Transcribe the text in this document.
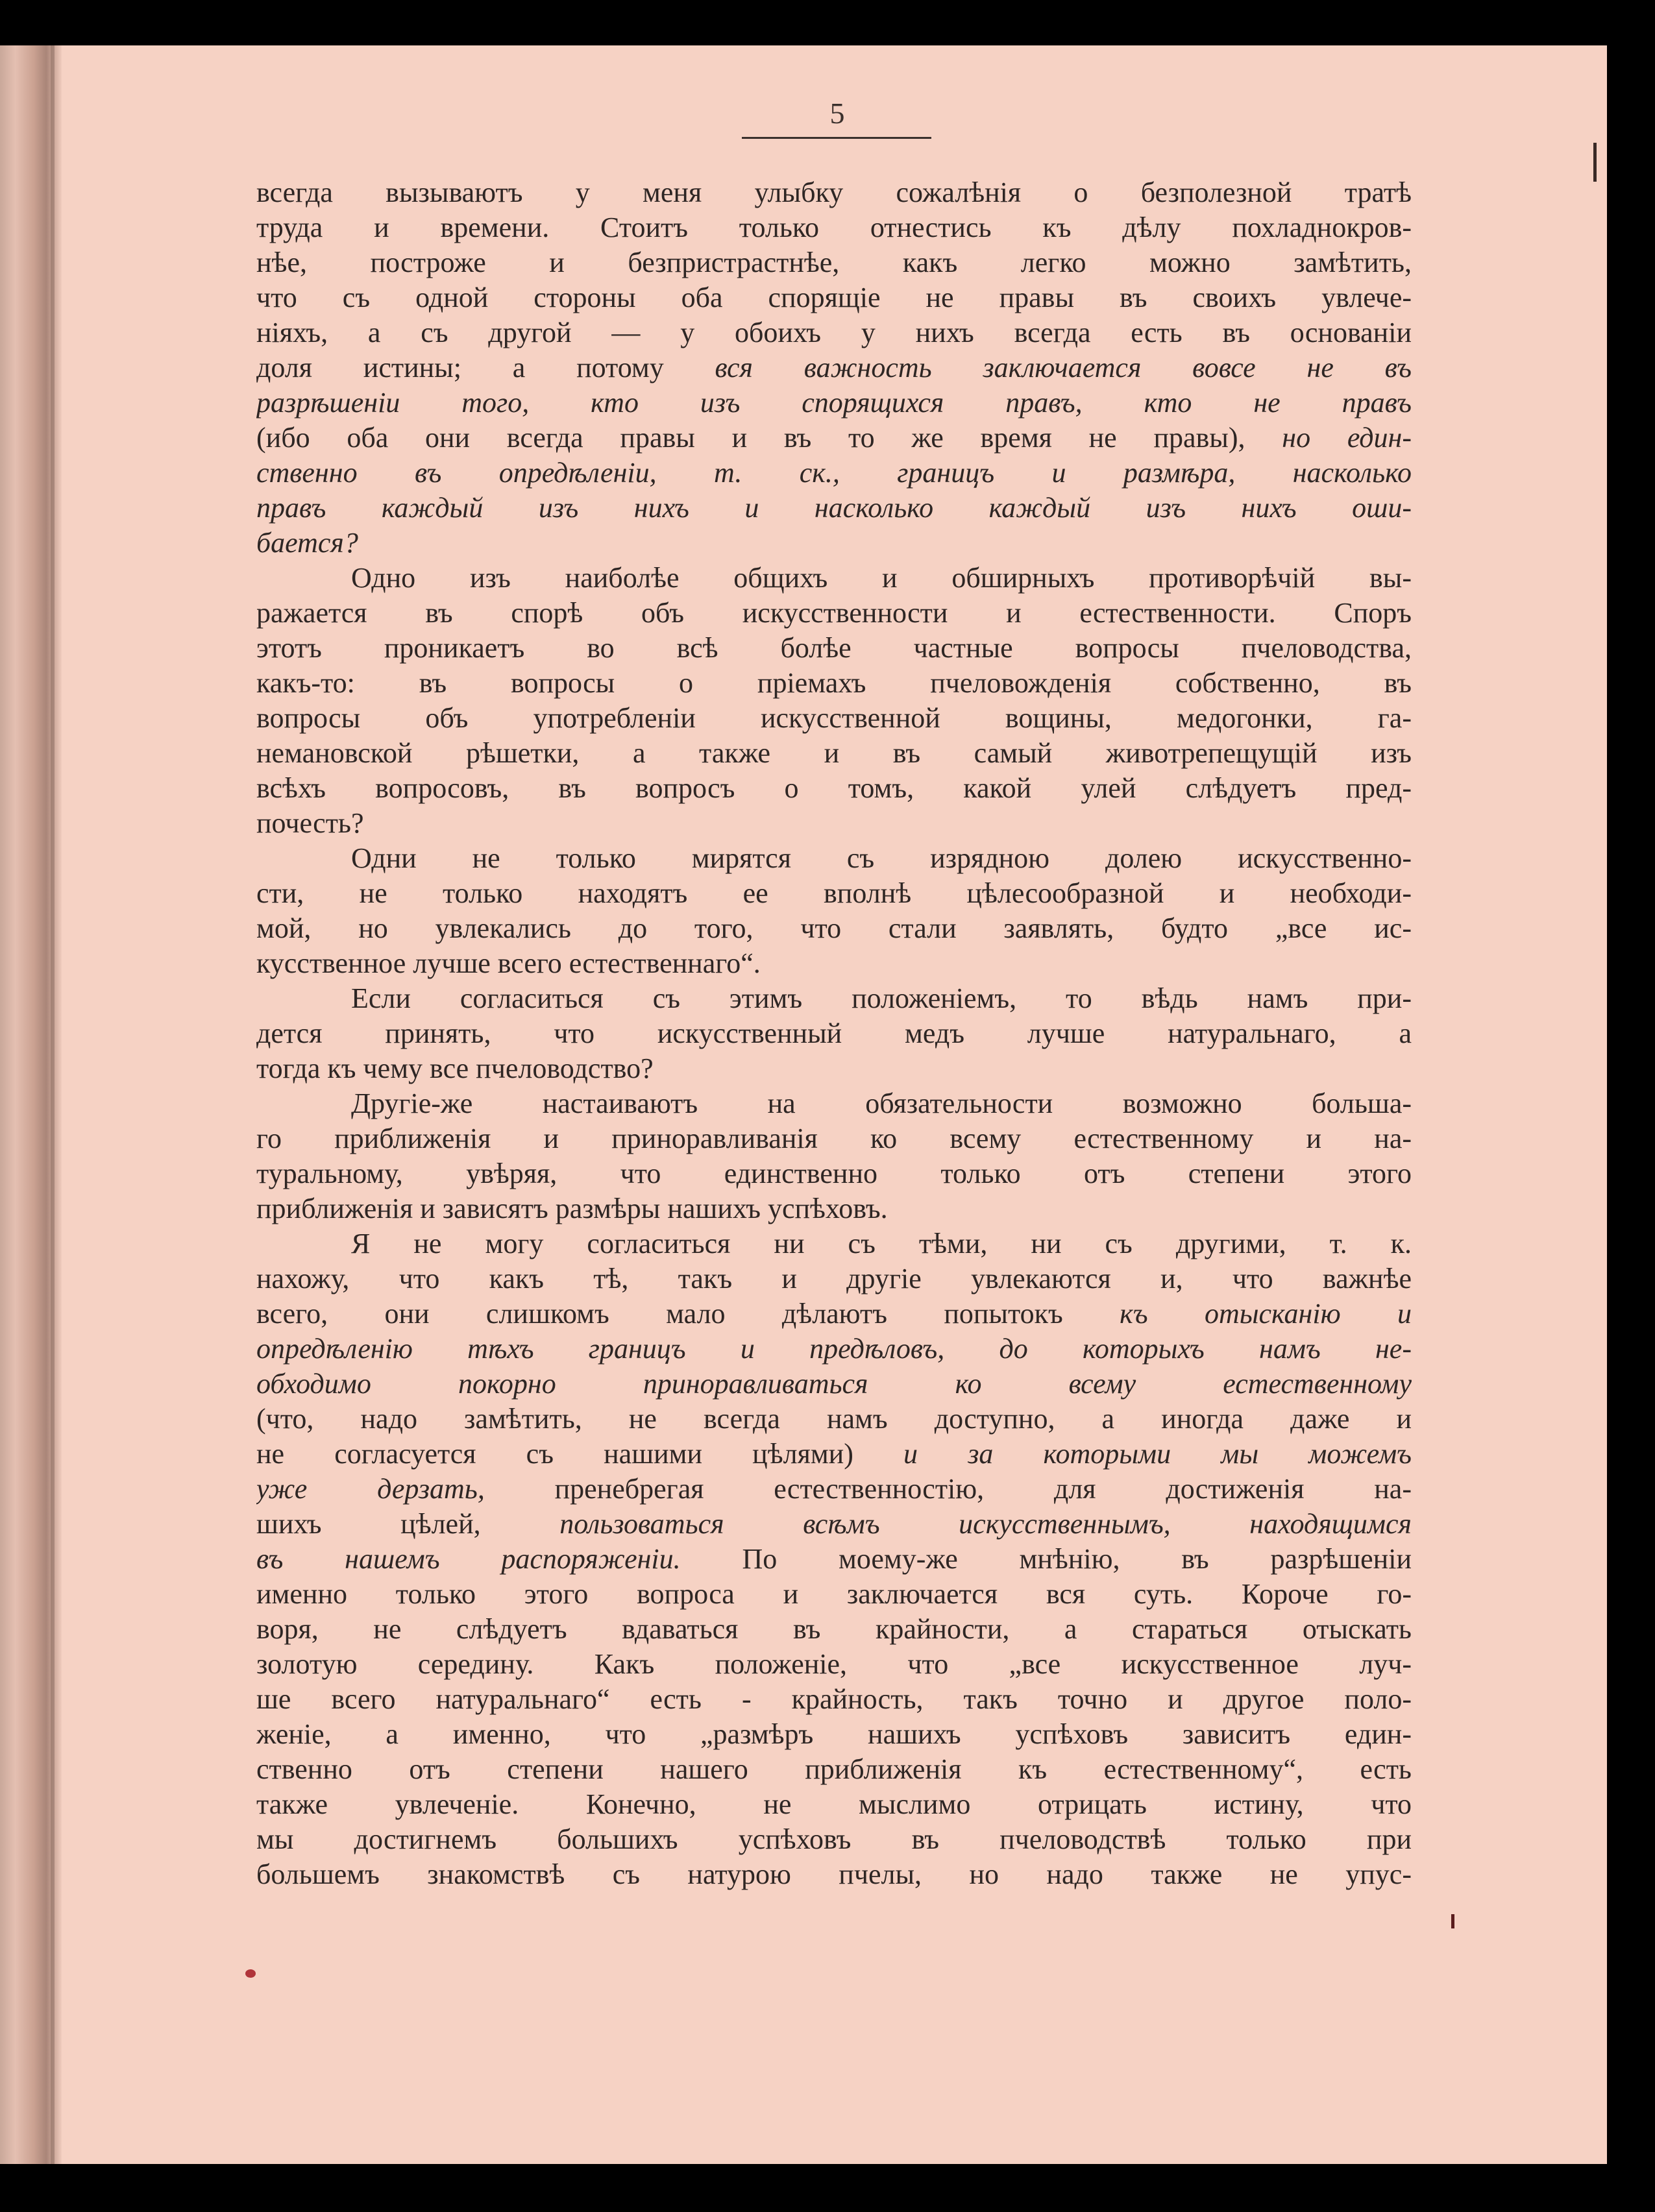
5
всегда вызываютъ у меня улыбку сожалѣнія о безполезной тратѣ
труда и времени. Стоитъ только отнестись къ дѣлу похладнокров-
нѣе, построже и безпристрастнѣе, какъ легко можно замѣтить,
что съ одной стороны оба спорящіе не правы въ своихъ увлече-
ніяхъ, а съ другой — у обоихъ у нихъ всегда есть въ основаніи
доля истины; а потому вся важность заключается вовсе не въ
разрѣшеніи того, кто изъ спорящихся правъ, кто не правъ
(ибо оба они всегда правы и въ то же время не правы), но един-
ственно въ опредѣленіи, т. ск., границъ и размѣра, насколько
правъ каждый изъ нихъ и насколько каждый изъ нихъ оши-
бается?
Одно изъ наиболѣе общихъ и обширныхъ противорѣчій вы-
ражается въ спорѣ объ искусственности и естественности. Споръ
этотъ проникаетъ во всѣ болѣе частные вопросы пчеловодства,
какъ-то: въ вопросы о пріемахъ пчеловожденія собственно, въ
вопросы объ употребленіи искусственной вощины, медогонки, га-
немановской рѣшетки, а также и въ самый животрепещущій изъ
всѣхъ вопросовъ, въ вопросъ о томъ, какой улей слѣдуетъ пред-
почесть?
Одни не только мирятся съ изрядною долею искусственно-
сти, не только находятъ ее вполнѣ цѣлесообразной и необходи-
мой, но увлекались до того, что стали заявлять, будто „все ис-
кусственное лучше всего естественнаго“.
Если согласиться съ этимъ положеніемъ, то вѣдь намъ при-
дется принять, что искусственный медъ лучше натуральнаго, а
тогда къ чему все пчеловодство?
Другіе-же настаиваютъ на обязательности возможно больша-
го приближенія и приноравливанія ко всему естественному и на-
туральному, увѣряя, что единственно только отъ степени этого
приближенія и зависятъ размѣры нашихъ успѣховъ.
Я не могу согласиться ни съ тѣми, ни съ другими, т. к.
нахожу, что какъ тѣ, такъ и другіе увлекаются и, что важнѣе
всего, они слишкомъ мало дѣлаютъ попытокъ къ отысканію и
опредѣленію тѣхъ границъ и предѣловъ, до которыхъ намъ не-
обходимо покорно приноравливаться ко всему естественному
(что, надо замѣтить, не всегда намъ доступно, а иногда даже и
не согласуется съ нашими цѣлями) и за которыми мы можемъ
уже дерзать, пренебрегая естественностію, для достиженія на-
шихъ цѣлей, пользоваться всѣмъ искусственнымъ, находящимся
въ нашемъ распоряженіи. По моему-же мнѣнію, въ разрѣшеніи
именно только этого вопроса и заключается вся суть. Короче го-
воря, не слѣдуетъ вдаваться въ крайности, а стараться отыскать
золотую середину. Какъ положеніе, что „все искусственное луч-
ше всего натуральнаго“ есть - крайность, такъ точно и другое поло-
женіе, а именно, что „размѣръ нашихъ успѣховъ зависитъ един-
ственно отъ степени нашего приближенія къ естественному“, есть
также увлеченіе. Конечно, не мыслимо отрицать истину, что
мы достигнемъ большихъ успѣховъ въ пчеловодствѣ только при
большемъ знакомствѣ съ натурою пчелы, но надо также не упус-
